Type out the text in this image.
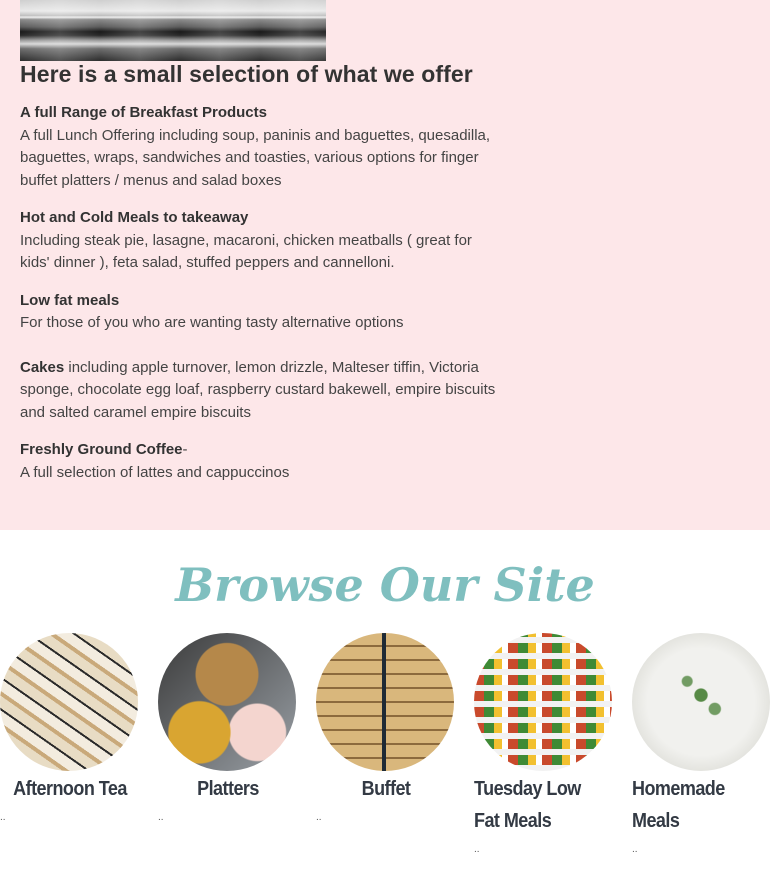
Here is a small selection of what we offer
A full Range of Breakfast Products
A full Lunch Offering including soup, paninis and baguettes, quesadilla, baguettes, wraps, sandwiches and toasties, various options for finger buffet platters / menus and salad boxes
Hot and Cold Meals to takeaway
Including steak pie, lasagne, macaroni, chicken meatballs ( great for kids' dinner ), feta salad, stuffed peppers and cannelloni.
Low fat meals
For those of you who are wanting tasty alternative options
Cakes including apple turnover, lemon drizzle, Malteser tiffin, Victoria sponge, chocolate egg loaf, raspberry custard bakewell, empire biscuits and salted caramel empire biscuits
Freshly Ground Coffee-
A full selection of lattes and cappuccinos
Browse Our Site
Afternoon Tea
..
Platters
..
Buffet
..
Tuesday Low Fat Meals
..
Homemade Meals
..
